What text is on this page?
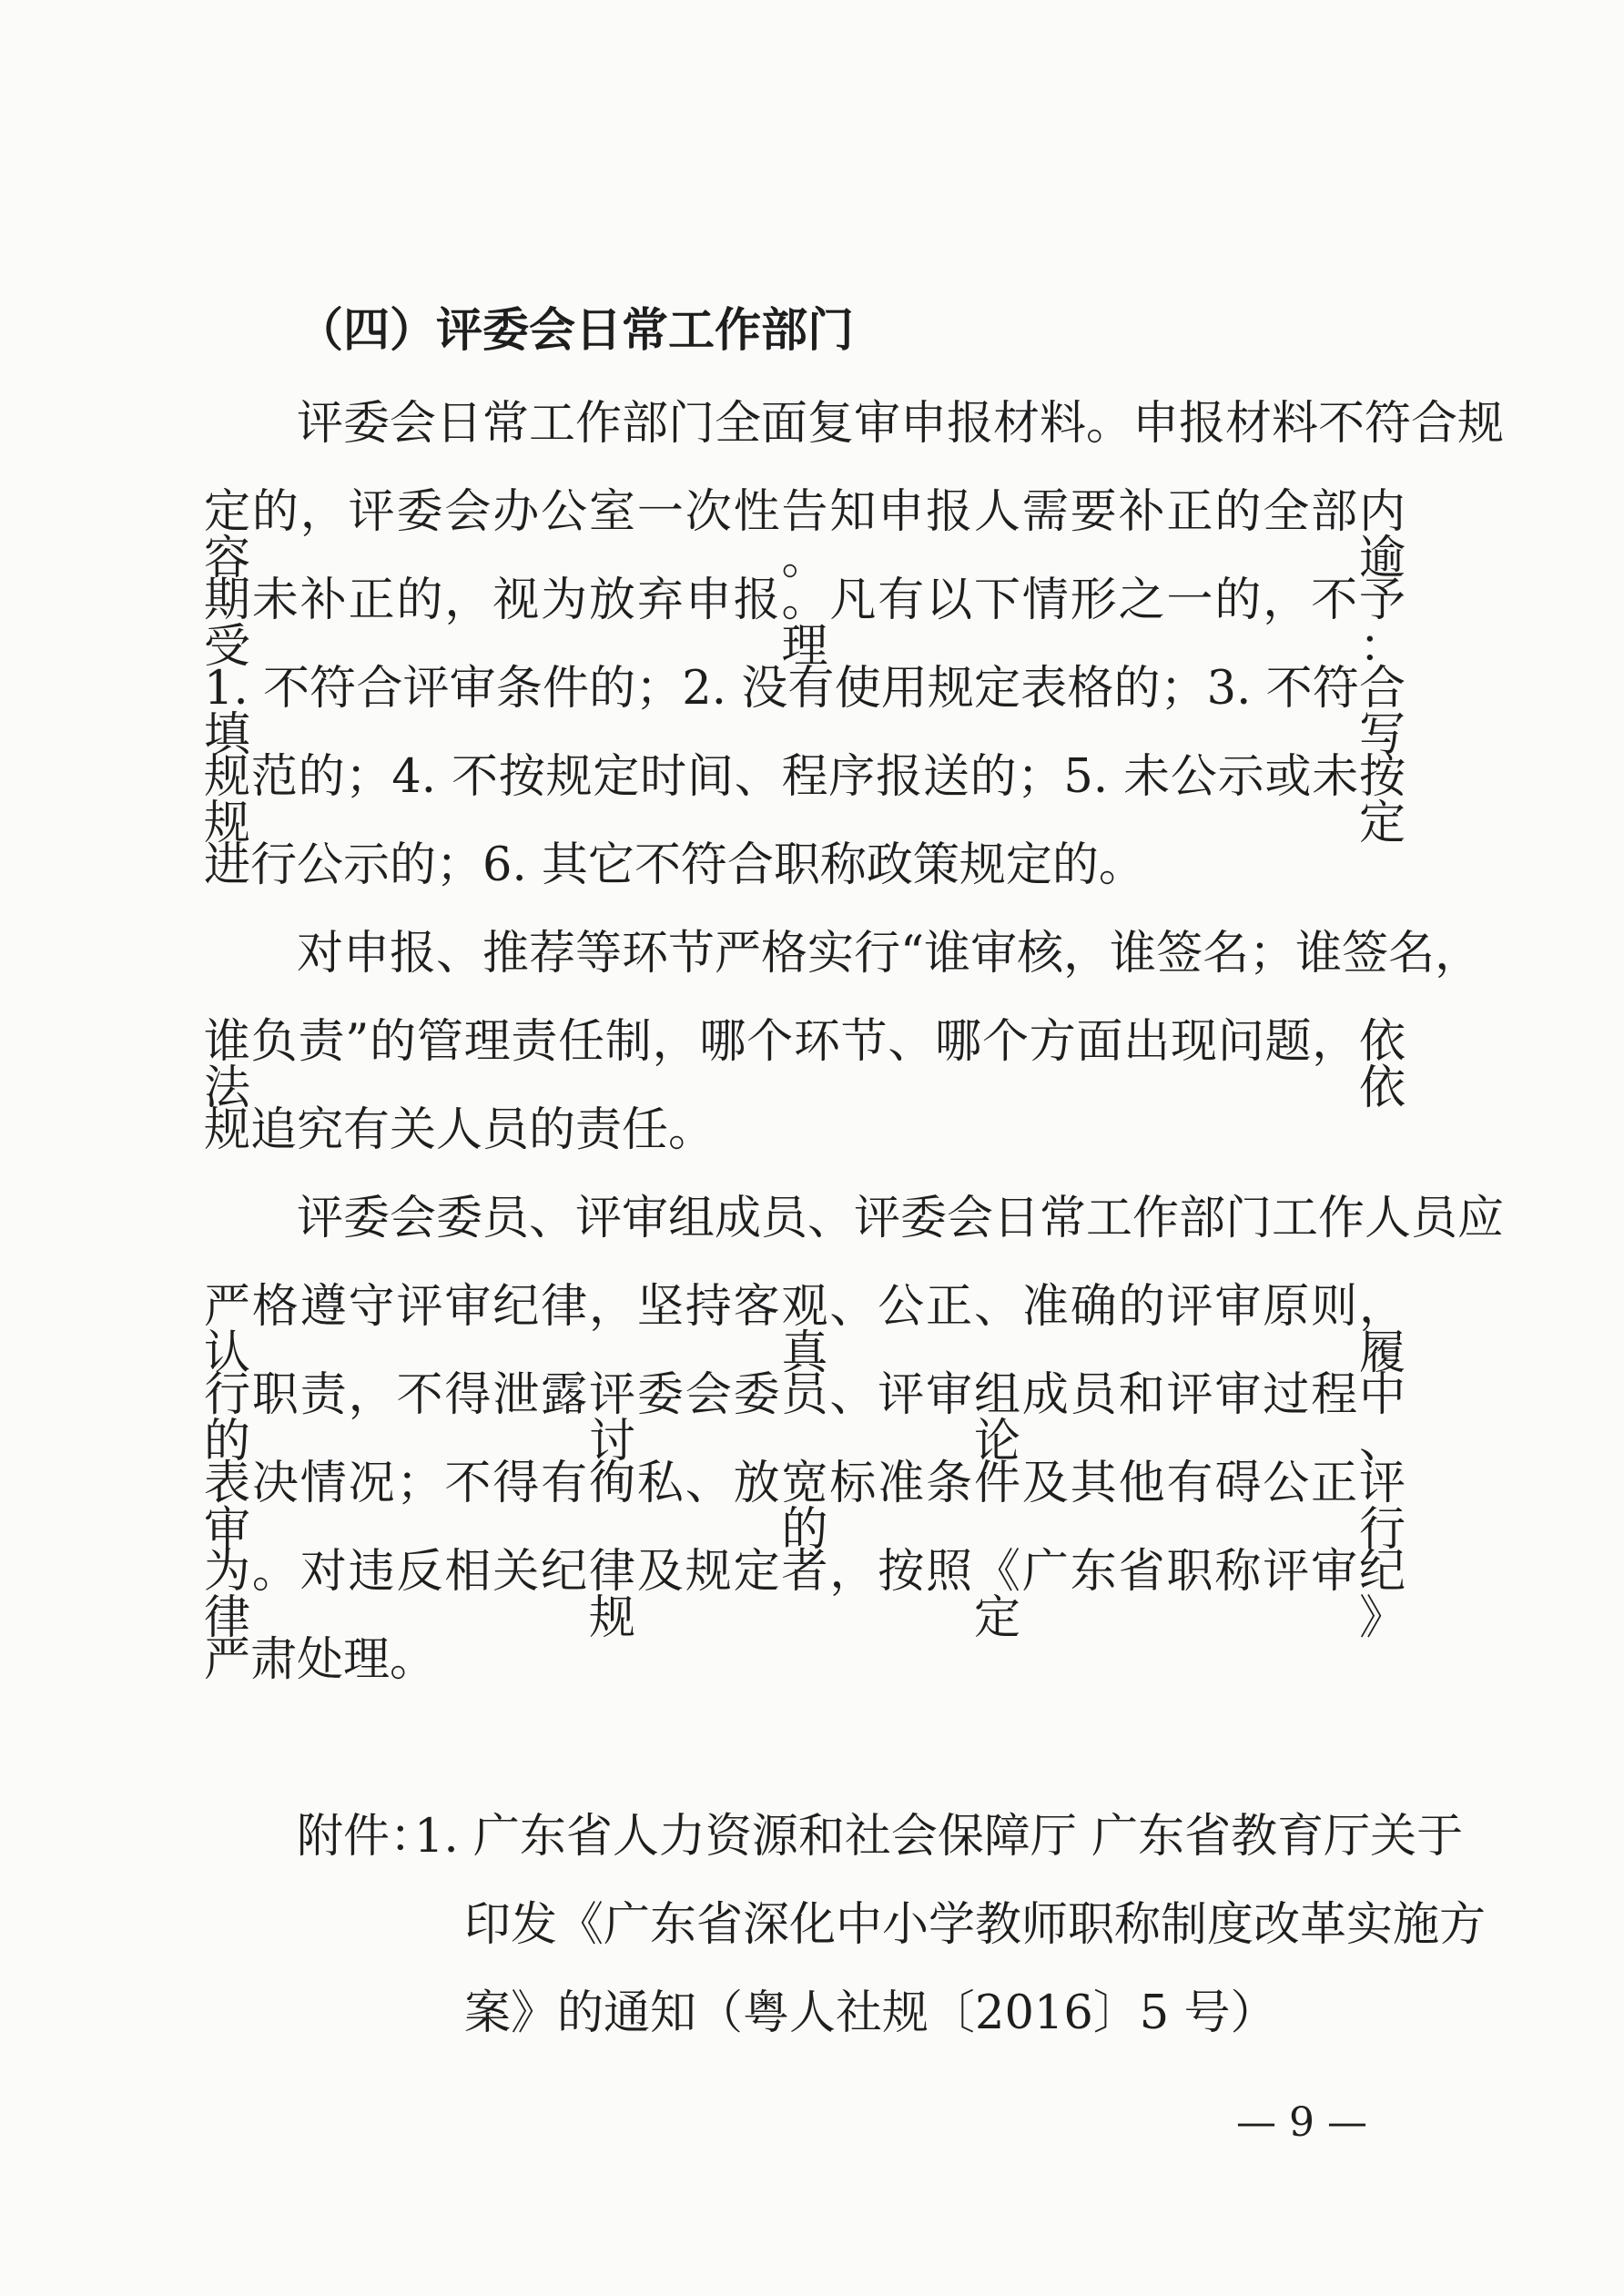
（四）评委会日常工作部门
评委会日常工作部门全面复审申报材料。申报材料不符合规
定的，评委会办公室一次性告知申报人需要补正的全部内容。逾
期未补正的，视为放弃申报。凡有以下情形之一的，不予受理：
1. 不符合评审条件的；2. 没有使用规定表格的；3. 不符合填写
规范的；4. 不按规定时间、程序报送的；5. 未公示或未按规定
进行公示的；6. 其它不符合职称政策规定的。
对申报、推荐等环节严格实行“谁审核，谁签名；谁签名，
谁负责”的管理责任制，哪个环节、哪个方面出现问题，依法依
规追究有关人员的责任。
评委会委员、评审组成员、评委会日常工作部门工作人员应
严格遵守评审纪律，坚持客观、公正、准确的评审原则，认真履
行职责，不得泄露评委会委员、评审组成员和评审过程中的讨论、
表决情况；不得有徇私、放宽标准条件及其他有碍公正评审的行
为。对违反相关纪律及规定者，按照《广东省职称评审纪律规定》
严肃处理。
附件：
1. 广东省人力资源和社会保障厅 广东省教育厅关于
印发《广东省深化中小学教师职称制度改革实施方
案》的通知（粤人社规〔2016〕5 号）
— 9 —
